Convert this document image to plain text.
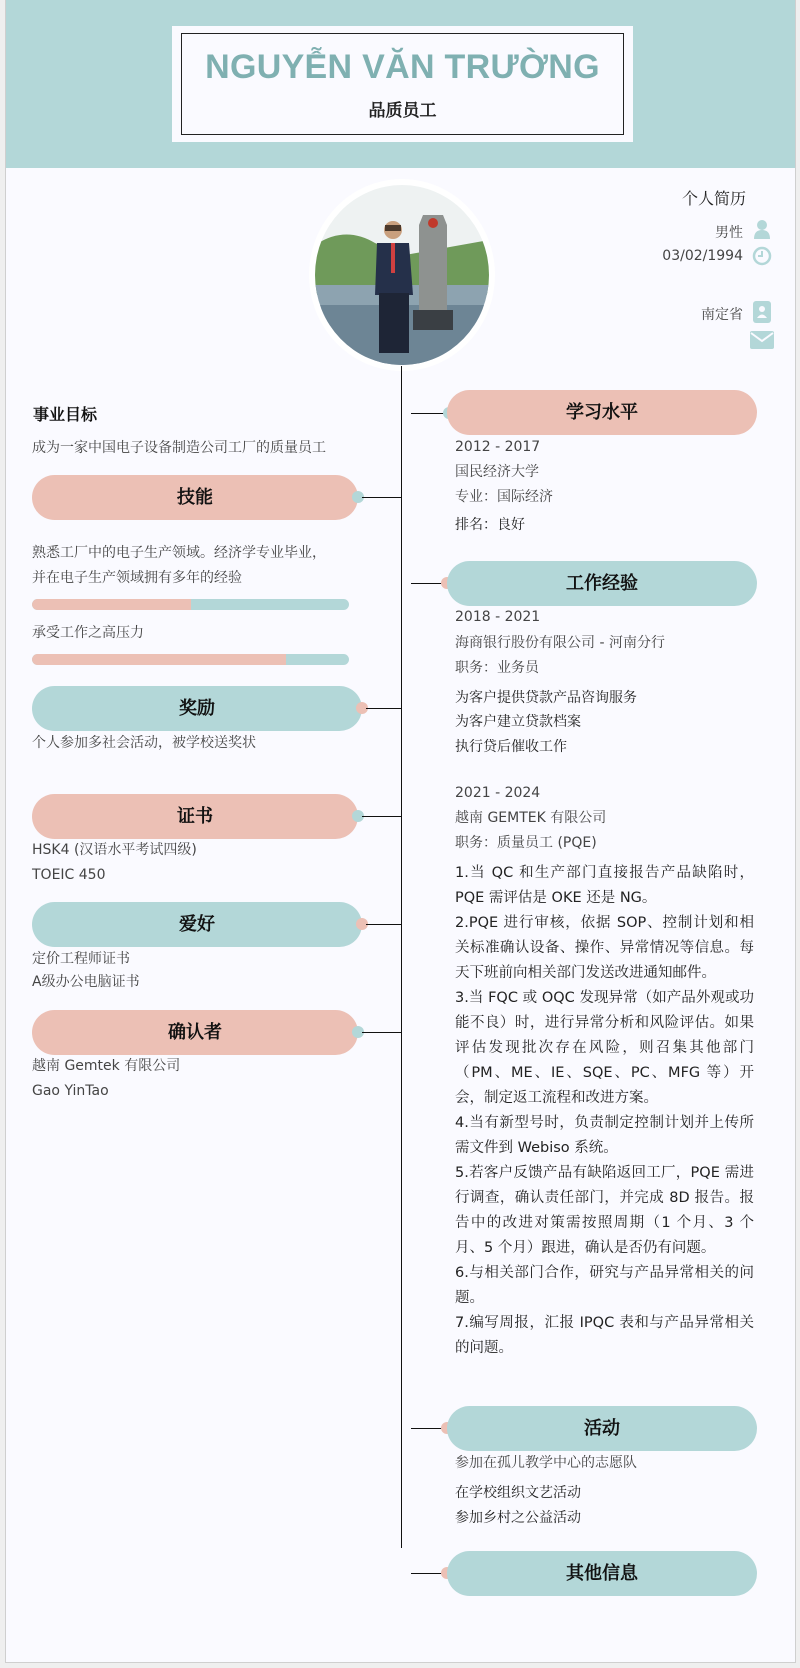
NGUYỄN VĂN TRƯỜNG
品质员工
个人简历
男性
03/02/1994
南定省
事业目标
成为一家中国电子设备制造公司工厂的质量员工
技能
熟悉工厂中的电子生产领域。经济学专业毕业，
并在电子生产领域拥有多年的经验
承受工作之高压力
奖励
个人参加多社会活动，被学校送奖状
证书
HSK4 (汉语水平考试四级)
TOEIC 450
爱好
定价工程师证书
A级办公电脑证书
确认者
越南 Gemtek 有限公司
Gao YinTao
学习水平
2012 - 2017
国民经济大学
专业：国际经济
排名：良好
工作经验
2018 - 2021
海商银行股份有限公司 - 河南分行
职务：业务员
为客户提供贷款产品咨询服务
为客户建立贷款档案
执行贷后催收工作
2021 - 2024
越南 GEMTEK 有限公司
职务：质量员工 (PQE)

1.当 QC 和生产部门直接报告产品缺陷时，PQE 需评估是 OKE 还是 NG。

2.PQE 进行审核，依据 SOP、控制计划和相关标准确认设备、操作、异常情况等信息。每天下班前向相关部门发送改进通知邮件。

3.当 FQC 或 OQC 发现异常（如产品外观或功能不良）时，进行异常分析和风险评估。如果评估发现批次存在风险，则召集其他部门（PM、ME、IE、SQE、PC、MFG 等）开会，制定返工流程和改进方案。

4.当有新型号时，负责制定控制计划并上传所需文件到 Webiso 系统。

5.若客户反馈产品有缺陷返回工厂，PQE 需进行调查，确认责任部门，并完成 8D 报告。报告中的改进对策需按照周期（1 个月、3 个月、5 个月）跟进，确认是否仍有问题。

6.与相关部门合作，研究与产品异常相关的问题。

7.编写周报，汇报 IPQC 表和与产品异常相关的问题。

活动
参加在孤儿教学中心的志愿队
在学校组织文艺活动
参加乡村之公益活动
其他信息
